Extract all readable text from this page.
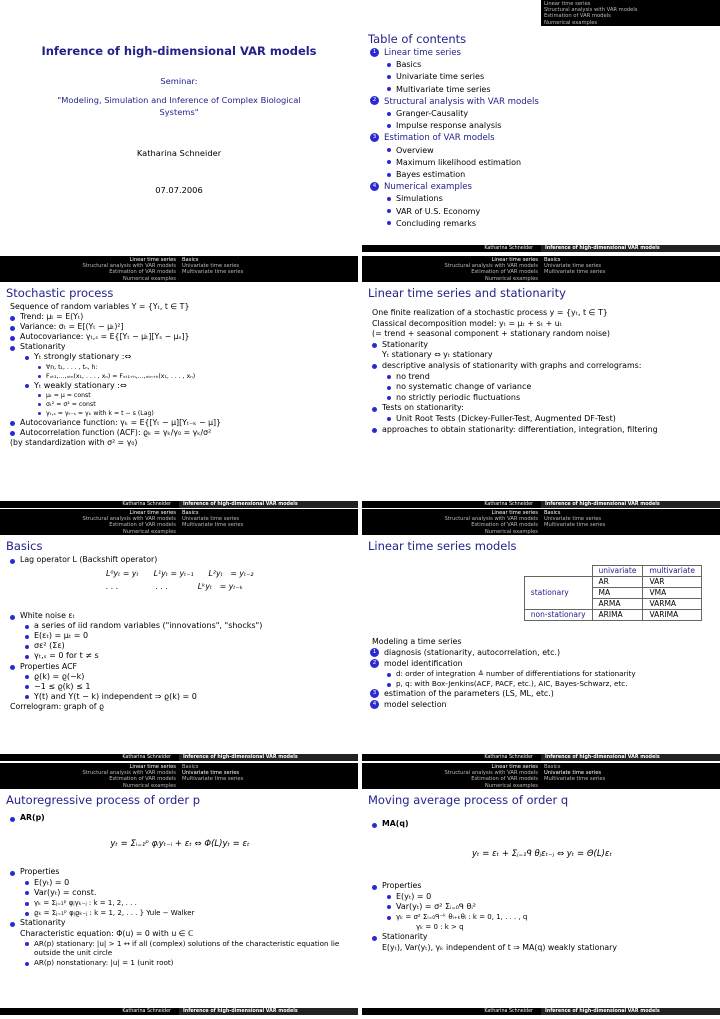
Inference of high-dimensional VAR models
Seminar:
"Modeling, Simulation and Inference of Complex Biological Systems"
Katharina Schneider
07.07.2006
Linear time series
Structural analysis with VAR models
Estimation of VAR models
Numerical examples
Table of contents
1 Linear time series
Basics
Univariate time series
Multivariate time series
2 Structural analysis with VAR models
Granger-Causality
Impulse response analysis
3 Estimation of VAR models
Overview
Maximum likelihood estimation
Bayes estimation
4 Numerical examples
Simulations
VAR of U.S. Economy
Concluding remarks
Katharina Schneider	Inference of high-dimensional VAR models
Linear time series
Structural analysis with VAR models
Estimation of VAR models
Numerical examples
Basics
Univariate time series
Multivariate time series
Stochastic process
Sequence of random variables Y = {Yₜ, t ∈ T}
Trend: μₜ = E(Yₜ)
Variance: σₜ = E[(Yₜ − μₜ)²]
Autocovariance: γₜ,ₛ = E{[Yₜ − μₜ][Yₛ − μₛ]}
Stationarity
Yₜ strongly stationary :⇔
∀n, t₁, . . . , tₙ, h:
Fₓₜ₁,...,ₓₜₙ(x₁, . . . , xₙ) = Fₓₜ₁₊ₕ,...,ₓₜₙ₊ₕ(x₁, . . . , xₙ)
Yₜ weakly stationary :⇔
μₜ = μ = const
σₜ² = σ² = const
γₜ,ₛ = γₜ₋ₛ = γₖ with k = t − s (Lag)
Autocovariance function: γₖ = E{[Yₜ − μ][Yₜ₋ₖ − μ]}
Autocorrelation function (ACF): ϱₖ = γₖ/γ₀ = γₖ/σ²
(by standardization with σ² = γ₀)
Katharina Schneider	Inference of high-dimensional VAR models
Linear time series
Structural analysis with VAR models
Estimation of VAR models
Numerical examples
Basics
Univariate time series
Multivariate time series
Linear time series and stationarity
One finite realization of a stochastic process y = {yₜ, t ∈ T}
Classical decomposition model: yₜ = μₜ + sₜ + uₜ
(= trend + seasonal component + stationary random noise)
Stationarity
Yₜ stationary ⇔ yₜ stationary
descriptive analysis of stationarity with graphs and correlograms:
no trend
no systematic change of variance
no strictly periodic fluctuations
Tests on stationarity:
Unit Root Tests (Dickey-Fuller-Test, Augmented DF-Test)
approaches to obtain stationarity: differentiation, integration, filtering
Katharina Schneider	Inference of high-dimensional VAR models
Linear time series
Structural analysis with VAR models
Estimation of VAR models
Numerical examples
Basics
Univariate time series
Multivariate time series
Basics
Lag operator L (Backshift operator)
L⁰yₜ = yₜ      L¹yₜ = yₜ₋₁      L²yₜ   = yₜ₋₂
. . .               . . .            Lᵏyₜ   = yₜ₋ₖ
White noise εₜ
a series of iid random variables ("innovations", "shocks")
E(εₜ) = μₜ = 0
σε² (Σε)
γₜ,ₛ = 0 for t ≠ s
Properties ACF
ϱ(k) = ϱ(−k)
−1 ≤ ϱ(k) ≤ 1
Y(t) and Y(t − k) independent ⇒ ϱ(k) = 0
Correlogram: graph of ϱ
Katharina Schneider	Inference of high-dimensional VAR models
Linear time series
Structural analysis with VAR models
Estimation of VAR models
Numerical examples
Basics
Univariate time series
Multivariate time series
Linear time series models
	univariate	multivariate
stationary	AR	VAR
	MA	VMA
	ARMA	VARMA
non-stationary	ARIMA	VARIMA
Modeling a time series
1 diagnosis (stationarity, autocorrelation, etc.)
2 model identification
d: order of integration ≙ number of differentiations for stationarity
p, q: with Box-Jenkins(ACF, PACF, etc.), AIC, Bayes-Schwarz, etc.
3 estimation of the parameters (LS, ML, etc.)
4 model selection
Katharina Schneider	Inference of high-dimensional VAR models
Linear time series
Structural analysis with VAR models
Estimation of VAR models
Numerical examples
Basics
Univariate time series
Multivariate time series
Autoregressive process of order p
AR(p)
yₜ = Σᵢ₌₁ᵖ φᵢyₜ₋ᵢ + εₜ ⇔ Φ(L)yₜ = εₜ
Properties
E(yₜ) = 0
Var(yₜ) = const.
γₖ = Σⱼ₌₁ᵖ φⱼγₖ₋ⱼ : k = 1, 2, . . .
ϱₖ = Σⱼ₌₁ᵖ φⱼϱₖ₋ⱼ : k = 1, 2, . . . } Yule − Walker
Stationarity
Characteristic equation: Φ(u) = 0 with u ∈ ℂ
AR(p) stationary: |u| > 1 ↔ if all (complex) solutions of the characteristic equation lie outside the unit circle
AR(p) nonstationary: |u| = 1 (unit root)
Katharina Schneider	Inference of high-dimensional VAR models
Linear time series
Structural analysis with VAR models
Estimation of VAR models
Numerical examples
Basics
Univariate time series
Multivariate time series
Moving average process of order q
MA(q)
yₜ = εₜ + Σⱼ₌₁ᑫ θⱼεₜ₋ⱼ ⇔ yₜ = Θ(L)εₜ
Properties
E(yₜ) = 0
Var(yₜ) = σ² Σᵢ₌₀ᑫ θᵢ²
γₖ = σ² Σᵢ₌₀ᑫ⁻ᵏ θᵢ₊ₖθᵢ : k = 0, 1, . . . , q
γₖ = 0 : k > q
Stationarity
E(yₜ), Var(yₜ), γₖ independent of t ⇒ MA(q) weakly stationary
Katharina Schneider	Inference of high-dimensional VAR models
